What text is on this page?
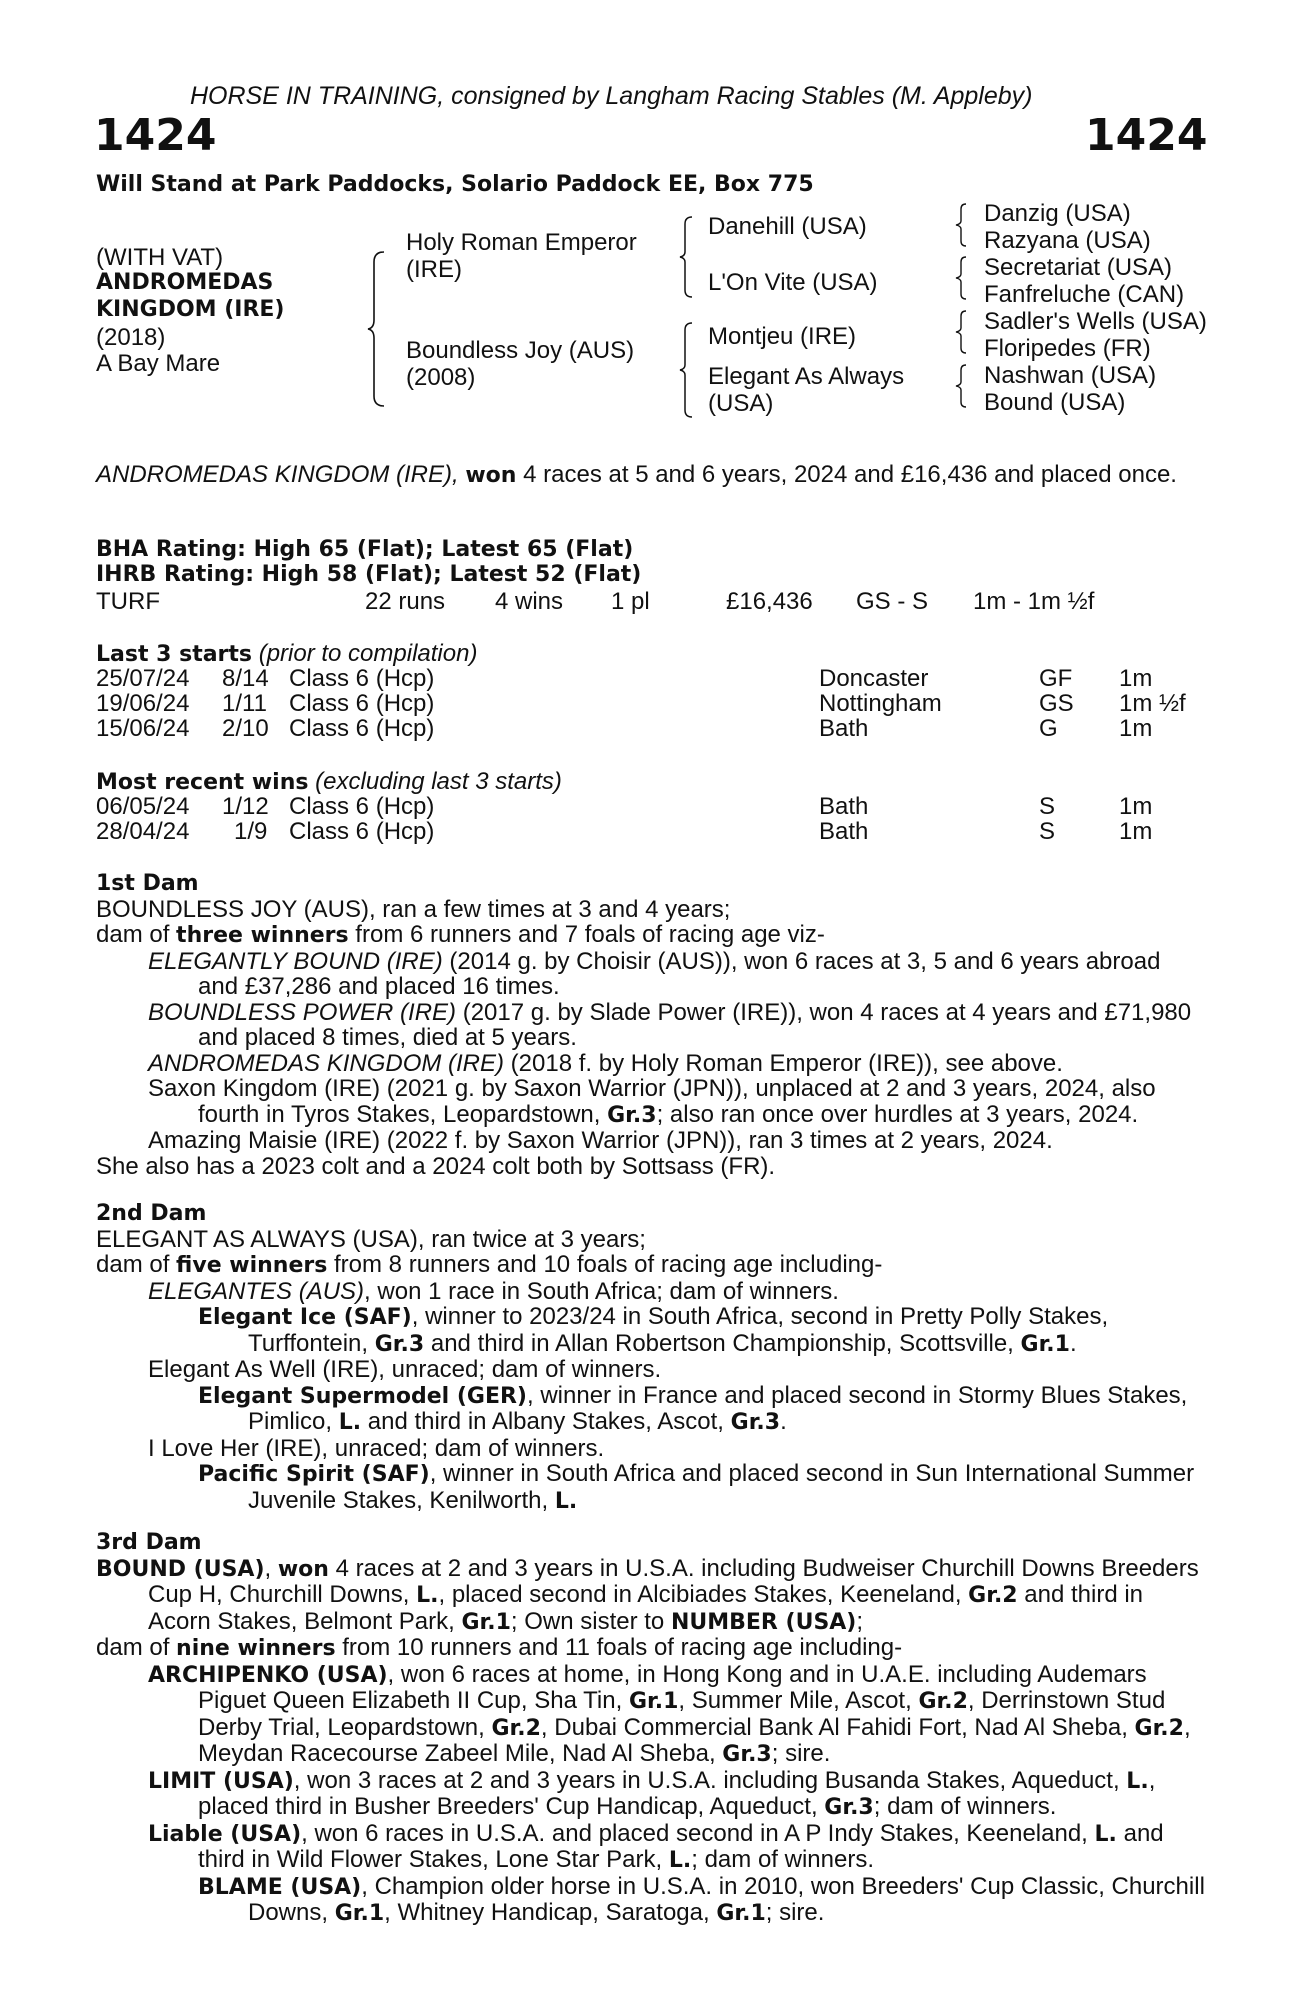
HORSE IN TRAINING, consigned by Langham Racing Stables (M. Appleby)
1424	1424
Will Stand at Park Paddocks, Solario Paddock EE, Box 775
(WITH VAT)
ANDROMEDAS
KINGDOM (IRE)
(2018)
A Bay Mare
Holy Roman Emperor
(IRE)
Boundless Joy (AUS)
(2008)
Danehill (USA)
L'On Vite (USA)
Montjeu (IRE)
Elegant As Always
(USA)
Danzig (USA)
Razyana (USA)
Secretariat (USA)
Fanfreluche (CAN)
Sadler's Wells (USA)
Floripedes (FR)
Nashwan (USA)
Bound (USA)

ANDROMEDAS KINGDOM (IRE), won 4 races at 5 and 6 years, 2024 and £16,436 and placed once.

BHA Rating: High 65 (Flat); Latest 65 (Flat)
IHRB Rating: High 58 (Flat); Latest 52 (Flat)
TURF	22 runs 4 wins 1 pl	£16,436 GS - S 1m - 1m ½f
Last 3 starts (prior to compilation)
25/07/24 8/14 Class 6 (Hcp)	Doncaster	GF 1m
19/06/24 1/11 Class 6 (Hcp)	Nottingham	GS 1m ½f
15/06/24 2/10 Class 6 (Hcp)	Bath	G	1m
Most recent wins (excluding last 3 starts)
06/05/24 1/12 Class 6 (Hcp)	Bath	S	1m
28/04/24 1/9 Class 6 (Hcp)	Bath	S	1m

1st Dam

BOUNDLESS JOY (AUS), ran a few times at 3 and 4 years;

dam of three winners from 6 runners and 7 foals of racing age viz-

ELEGANTLY BOUND (IRE) (2014 g. by Choisir (AUS)), won 6 races at 3, 5 and 6 years abroad and £37,286 and placed 16 times.

BOUNDLESS POWER (IRE) (2017 g. by Slade Power (IRE)), won 4 races at 4 years and £71,980 and placed 8 times, died at 5 years.

ANDROMEDAS KINGDOM (IRE) (2018 f. by Holy Roman Emperor (IRE)), see above.

Saxon Kingdom (IRE) (2021 g. by Saxon Warrior (JPN)), unplaced at 2 and 3 years, 2024, also fourth in Tyros Stakes, Leopardstown, Gr.3; also ran once over hurdles at 3 years, 2024.

Amazing Maisie (IRE) (2022 f. by Saxon Warrior (JPN)), ran 3 times at 2 years, 2024.

She also has a 2023 colt and a 2024 colt both by Sottsass (FR).

2nd Dam

ELEGANT AS ALWAYS (USA), ran twice at 3 years;

dam of five winners from 8 runners and 10 foals of racing age including-

ELEGANTES (AUS), won 1 race in South Africa; dam of winners.

Elegant Ice (SAF), winner to 2023/24 in South Africa, second in Pretty Polly Stakes, Turffontein, Gr.3 and third in Allan Robertson Championship, Scottsville, Gr.1.

Elegant As Well (IRE), unraced; dam of winners.

Elegant Supermodel (GER), winner in France and placed second in Stormy Blues Stakes, Pimlico, L. and third in Albany Stakes, Ascot, Gr.3.

I Love Her (IRE), unraced; dam of winners.

Pacific Spirit (SAF), winner in South Africa and placed second in Sun International Summer Juvenile Stakes, Kenilworth, L.

3rd Dam

BOUND (USA), won 4 races at 2 and 3 years in U.S.A. including Budweiser Churchill Downs Breeders Cup H, Churchill Downs, L., placed second in Alcibiades Stakes, Keeneland, Gr.2 and third in Acorn Stakes, Belmont Park, Gr.1; Own sister to NUMBER (USA);

dam of nine winners from 10 runners and 11 foals of racing age including-

ARCHIPENKO (USA), won 6 races at home, in Hong Kong and in U.A.E. including Audemars Piguet Queen Elizabeth II Cup, Sha Tin, Gr.1, Summer Mile, Ascot, Gr.2, Derrinstown Stud Derby Trial, Leopardstown, Gr.2, Dubai Commercial Bank Al Fahidi Fort, Nad Al Sheba, Gr.2, Meydan Racecourse Zabeel Mile, Nad Al Sheba, Gr.3; sire.

LIMIT (USA), won 3 races at 2 and 3 years in U.S.A. including Busanda Stakes, Aqueduct, L., placed third in Busher Breeders' Cup Handicap, Aqueduct, Gr.3; dam of winners.

Liable (USA), won 6 races in U.S.A. and placed second in A P Indy Stakes, Keeneland, L. and third in Wild Flower Stakes, Lone Star Park, L.; dam of winners.

BLAME (USA), Champion older horse in U.S.A. in 2010, won Breeders' Cup Classic, Churchill Downs, Gr.1, Whitney Handicap, Saratoga, Gr.1; sire.
